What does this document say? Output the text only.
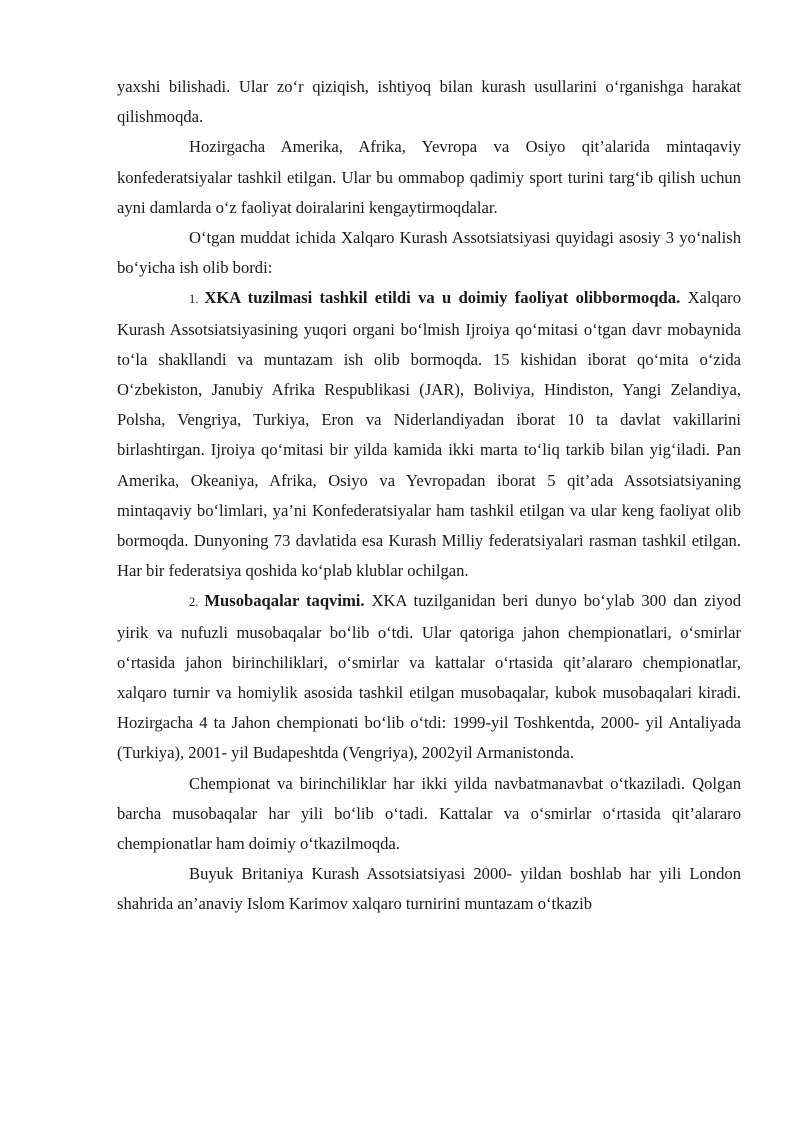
yaxshi bilishadi. Ular zo‘r qiziqish, ishtiyoq bilan kurash usullarini o‘rganishga harakat qilishmoqda.

Hozirgacha Amerika, Afrika, Yevropa va Osiyo qit’alarida mintaqaviy konfederatsiyalar tashkil etilgan. Ular bu ommabop qadimiy sport turini targ‘ib qilish uchun ayni damlarda o‘z faoliyat doiralarini kengaytirmoqdalar.

O‘tgan muddat ichida Xalqaro Kurash Assotsiatsiyasi quyidagi asosiy 3 yo‘nalish bo‘yicha ish olib bordi:

1. XKA tuzilmasi tashkil etildi va u doimiy faoliyat olibbormoqda. Xalqaro Kurash Assotsiatsiyasining yuqori organi bo‘lmish Ijroiya qo‘mitasi o‘tgan davr mobaynida to‘la shakllandi va muntazam ish olib bormoqda. 15 kishidan iborat qo‘mita o‘zida O‘zbekiston, Janubiy Afrika Respublikasi (JAR), Boliviya, Hindiston, Yangi Zelandiya, Polsha, Vengriya, Turkiya, Eron va Niderlandiyadan iborat 10 ta davlat vakillarini birlashtirgan. Ijroiya qo‘mitasi bir yilda kamida ikki marta to‘liq tarkib bilan yig‘iladi. Pan Amerika, Okeaniya, Afrika, Osiyo va Yevropadan iborat 5 qit’ada Assotsiatsiyaning mintaqaviy bo‘limlari, ya’ni Konfederatsiyalar ham tashkil etilgan va ular keng faoliyat olib bormoqda. Dunyoning 73 davlatida esa Kurash Milliy federatsiyalari rasman tashkil etilgan. Har bir federatsiya qoshida ko‘plab klublar ochilgan.

2. Musobaqalar taqvimi. XKA tuzilganidan beri dunyo bo‘ylab 300 dan ziyod yirik va nufuzli musobaqalar bo‘lib o‘tdi. Ular qatoriga jahon chempionatlari, o‘smirlar o‘rtasida jahon birinchiliklari, o‘smirlar va kattalar o‘rtasida qit’alararo chempionatlar, xalqaro turnir va homiylik asosida tashkil etilgan musobaqalar, kubok musobaqalari kiradi. Hozirgacha 4 ta Jahon chempionati bo‘lib o‘tdi: 1999-yil Toshkentda, 2000- yil Antaliyada (Turkiya), 2001- yil Budapeshtda (Vengriya), 2002yil Armanistonda.

Chempionat va birinchiliklar har ikki yilda navbatmanavbat o‘tkaziladi. Qolgan barcha musobaqalar har yili bo‘lib o‘tadi. Kattalar va o‘smirlar o‘rtasida qit’alararo chempionatlar ham doimiy o‘tkazilmoqda.

Buyuk Britaniya Kurash Assotsiatsiyasi 2000- yildan boshlab har yili London shahrida an’anaviy Islom Karimov xalqaro turnirini muntazam o‘tkazib
